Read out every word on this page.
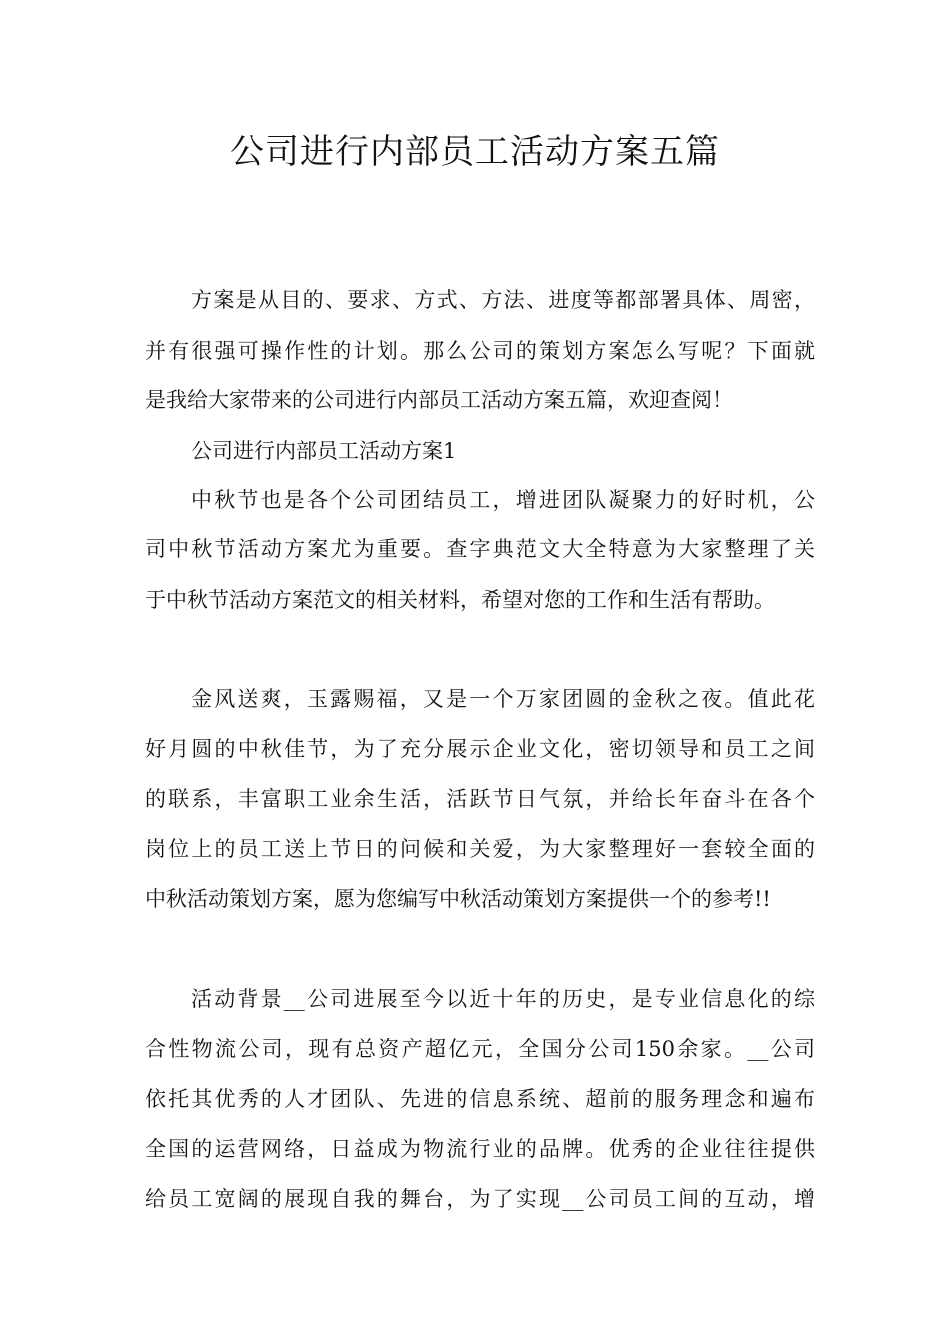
公司进行内部员工活动方案五篇

方案是从目的、要求、方式、方法、进度等都部署具体、周密，

并有很强可操作性的计划。那么公司的策划方案怎么写呢？下面就

是我给大家带来的公司进行内部员工活动方案五篇，欢迎查阅！

公司进行内部员工活动方案1

中秋节也是各个公司团结员工，增进团队凝聚力的好时机，公

司中秋节活动方案尤为重要。查字典范文大全特意为大家整理了关

于中秋节活动方案范文的相关材料，希望对您的工作和生活有帮助。

金风送爽，玉露赐福，又是一个万家团圆的金秋之夜。值此花

好月圆的中秋佳节，为了充分展示企业文化，密切领导和员工之间

的联系，丰富职工业余生活，活跃节日气氛，并给长年奋斗在各个

岗位上的员工送上节日的问候和关爱，为大家整理好一套较全面的

中秋活动策划方案，愿为您编写中秋活动策划方案提供一个的参考!!

活动背景__公司进展至今以近十年的历史，是专业信息化的综

合性物流公司，现有总资产超亿元，全国分公司150余家。__公司

依托其优秀的人才团队、先进的信息系统、超前的服务理念和遍布

全国的运营网络，日益成为物流行业的品牌。优秀的企业往往提供

给员工宽阔的展现自我的舞台，为了实现__公司员工间的互动，增
